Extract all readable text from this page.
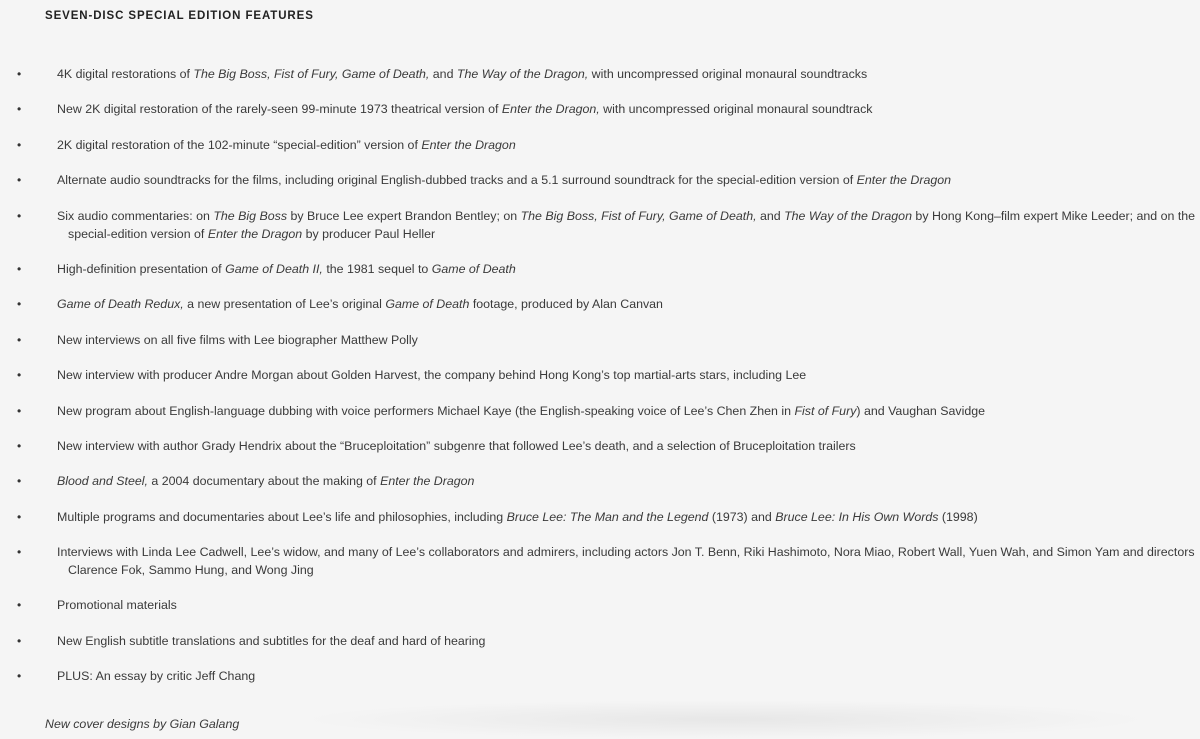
SEVEN-DISC SPECIAL EDITION FEATURES
•	4K digital restorations of The Big Boss, Fist of Fury, Game of Death, and The Way of the Dragon, with uncompressed original monaural soundtracks
•	New 2K digital restoration of the rarely-seen 99-minute 1973 theatrical version of Enter the Dragon, with uncompressed original monaural soundtrack
•	2K digital restoration of the 102-minute “special-edition” version of Enter the Dragon
•	Alternate audio soundtracks for the films, including original English-dubbed tracks and a 5.1 surround soundtrack for the special-edition version of Enter the Dragon
•	Six audio commentaries: on The Big Boss by Bruce Lee expert Brandon Bentley; on The Big Boss, Fist of Fury, Game of Death, and The Way of the Dragon by Hong Kong–film expert Mike Leeder; and on the special-edition version of Enter the Dragon by producer Paul Heller
•	High-definition presentation of Game of Death II, the 1981 sequel to Game of Death
•	Game of Death Redux, a new presentation of Lee’s original Game of Death footage, produced by Alan Canvan
•	New interviews on all five films with Lee biographer Matthew Polly
•	New interview with producer Andre Morgan about Golden Harvest, the company behind Hong Kong’s top martial-arts stars, including Lee
•	New program about English-language dubbing with voice performers Michael Kaye (the English-speaking voice of Lee’s Chen Zhen in Fist of Fury) and Vaughan Savidge
•	New interview with author Grady Hendrix about the “Bruceploitation” subgenre that followed Lee’s death, and a selection of Bruceploitation trailers
•	Blood and Steel, a 2004 documentary about the making of Enter the Dragon
•	Multiple programs and documentaries about Lee’s life and philosophies, including Bruce Lee: The Man and the Legend (1973) and Bruce Lee: In His Own Words (1998)
•	Interviews with Linda Lee Cadwell, Lee’s widow, and many of Lee’s collaborators and admirers, including actors Jon T. Benn, Riki Hashimoto, Nora Miao, Robert Wall, Yuen Wah, and Simon Yam and directors Clarence Fok, Sammo Hung, and Wong Jing
•	Promotional materials
•	New English subtitle translations and subtitles for the deaf and hard of hearing
•	PLUS: An essay by critic Jeff Chang

New cover designs by Gian Galang
